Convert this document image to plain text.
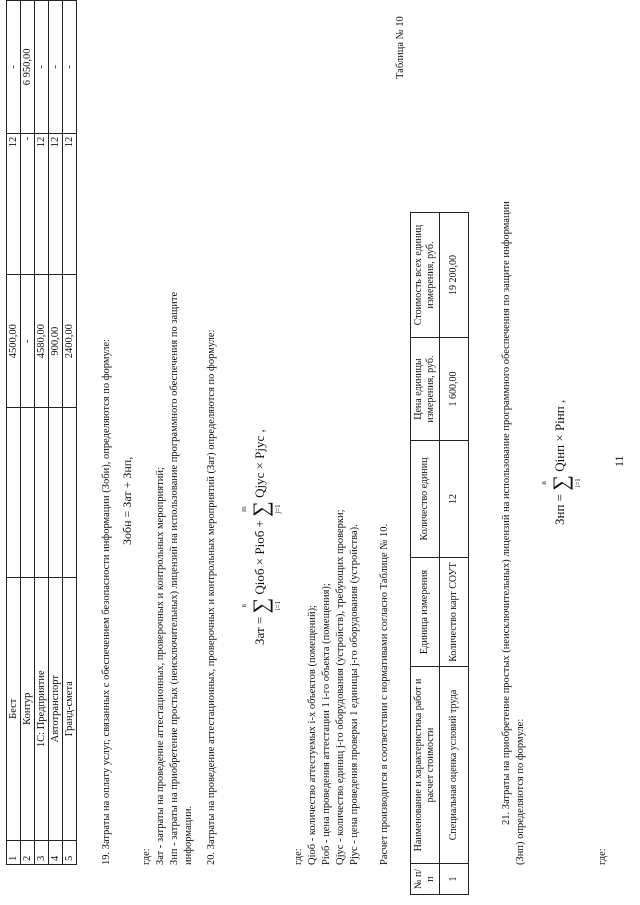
11
1	Бест		4500,00	12	-
2	Контур		-	-	6 950,00
3	1С: Предприятие		4580,00	12	-
4	Автотранспорт		900,00	12	-
5	Гранд-смета		2400,00	12	-
19. Затраты на оплату услуг, связанных с обеспечением безопасности информации (Зоби), определяются по формуле: Зобн = Зат + Знп,
где: Зат - затраты на проведение аттестационных, проверочных и контрольных мероприятий; Знп - затраты на приобретение простых (неисключительных) лицензий на использование программного обеспечения по защите информации. 20. Затраты на проведение аттестационных, проверочных и контрольных мероприятий (Зат) определяются по формуле:	Зат =
n ∑ i=1
Qiоб × Piоб +
m ∑ j=1
Qjус × Pjус ,
где: Qiоб - количество аттестуемых i-х объектов (помещений); Piоб - цена проведения аттестации 1 i-го объекта (помещения); Qjус - количество единиц j-го оборудования (устройств), требующих проверки; Pjус - цена проведения проверки 1 единицы j-го оборудования (устройства). Расчет производится в соответствии с нормативами согласно Таблице № 10.
Таблица № 10
№ п/п	Наименование и характеристика работ и расчет стоимости	Единица измерения	Количество единиц	Цена единицы измерения, руб.	Стоимость всех единиц измерения, руб.
1	Специальная оценка условий труда	Количество карт СОУТ	12	1 600,00	19 200,00	21. Затраты на приобретение простых (неисключительных) лицензий на использование программного обеспечения по защите информации (Знп) определяются по формуле:
Знп =
n ∑ i=1
Qiнп × Piнп ,
где:
